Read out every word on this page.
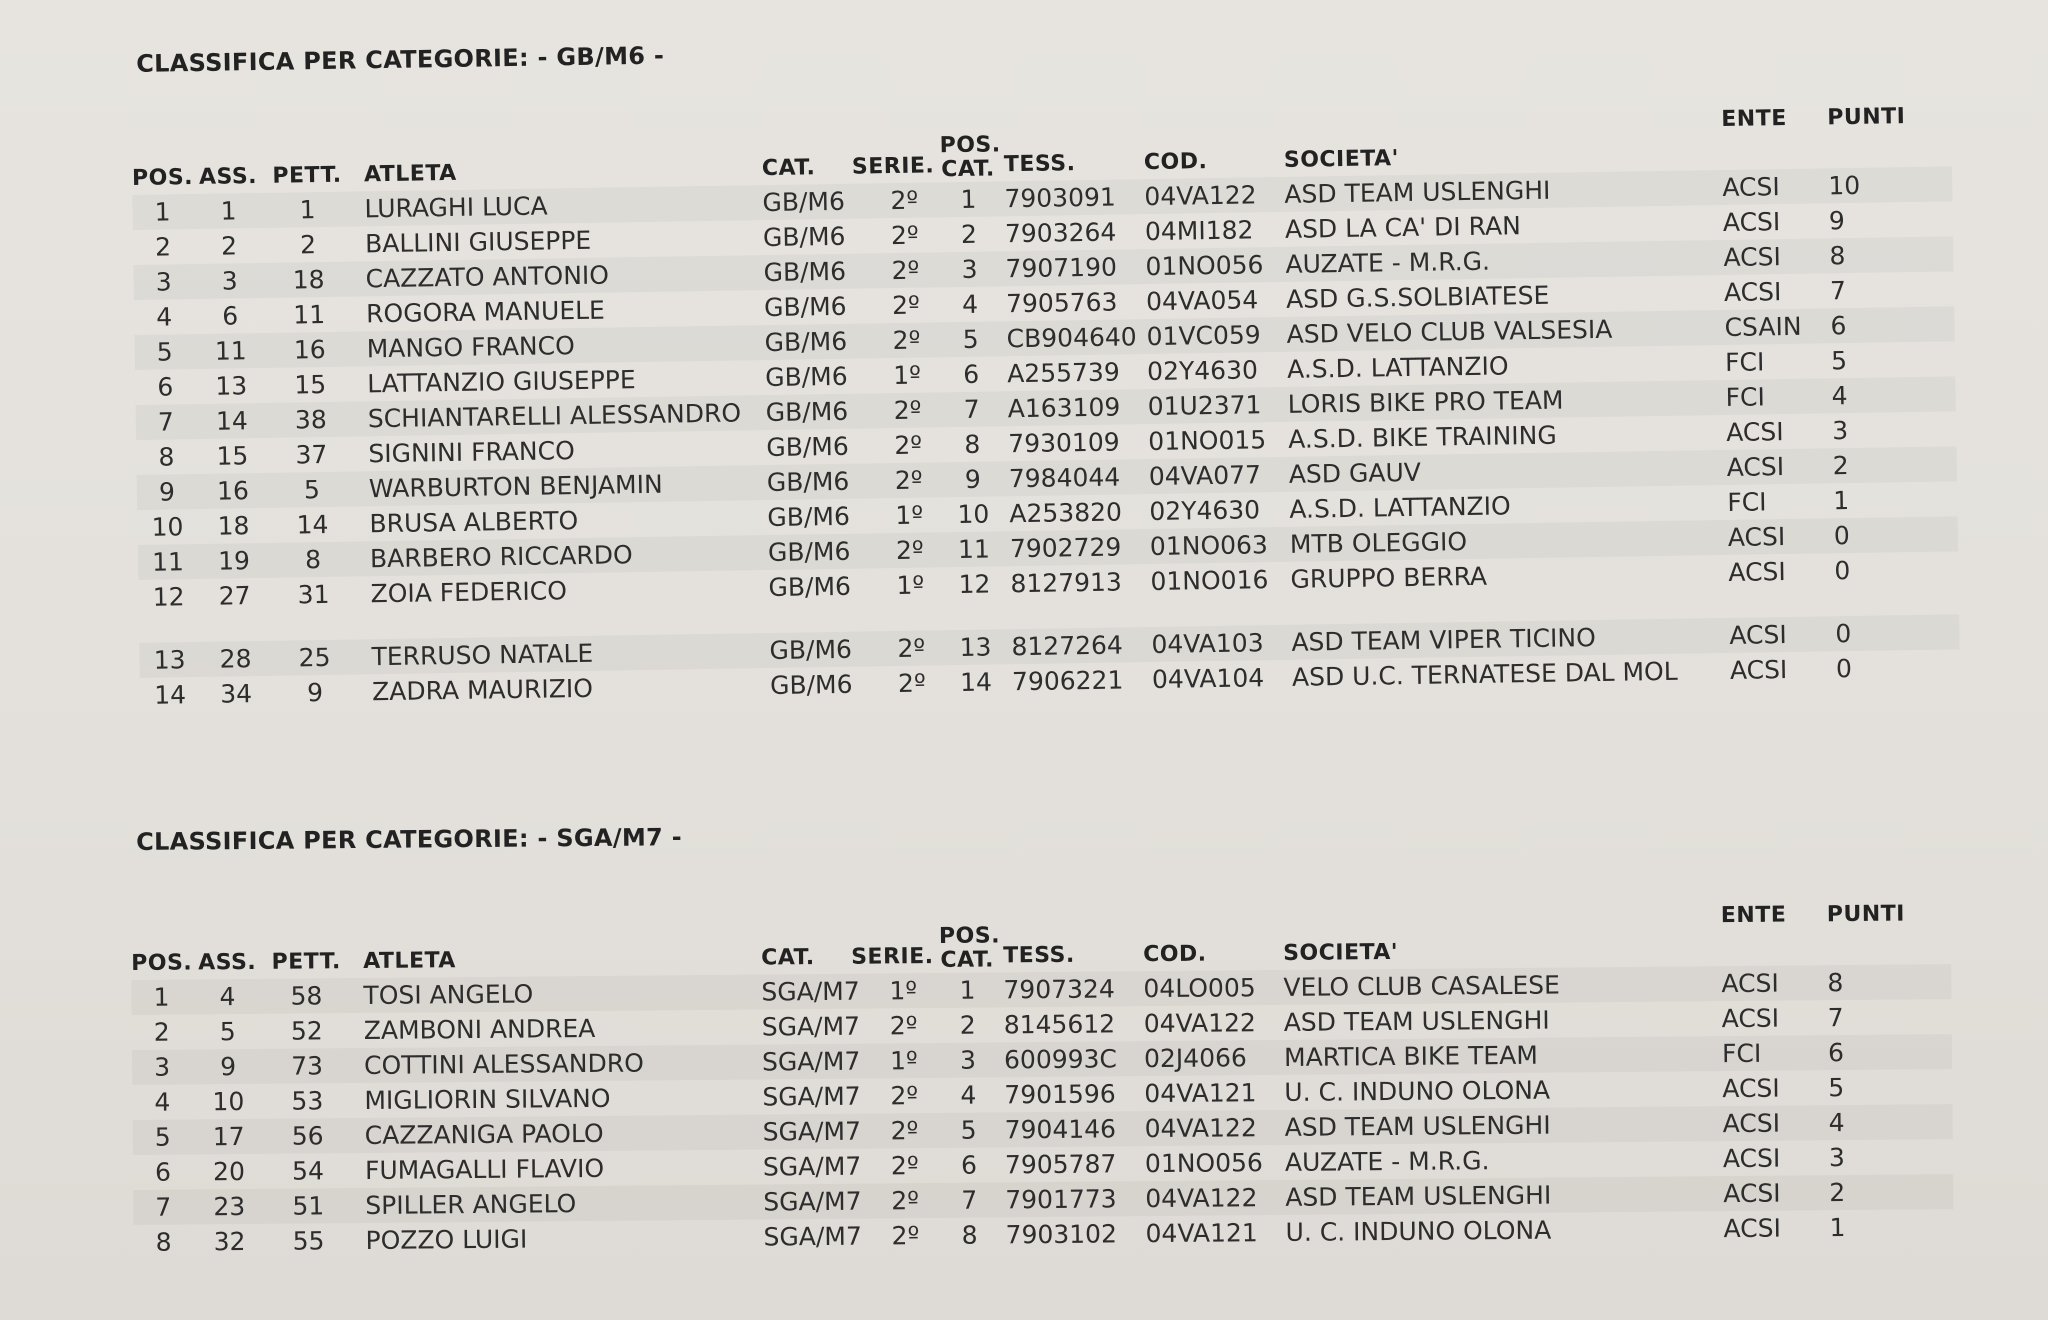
CLASSIFICA PER CATEGORIE: - GB/M6 -
POS. ASS. PETT. ATLETA	CAT. SERIE.
POS.
CAT. TESS.	COD.	SOCIETA'
ENTE PUNTI
1	1	1	LURAGHI LUCA	GB/M6	2º	1	7903091 04VA122 ASD TEAM USLENGHI	ACSI 10
2	2	2	BALLINI GIUSEPPE	GB/M6	2º	2	7903264 04MI182 ASD LA CA' DI RAN	ACSI 9
3	3	18	CAZZATO ANTONIO	GB/M6	2º	3	7907190 01NO056 AUZATE - M.R.G.	ACSI 8
4	6	11	ROGORA MANUELE	GB/M6	2º	4	7905763 04VA054 ASD G.S.SOLBIATESE	ACSI 7
5	11	16	MANGO FRANCO	GB/M6	2º	5	CB904640 01VC059 ASD VELO CLUB VALSESIA	CSAIN 6
6	13	15	LATTANZIO GIUSEPPE	GB/M6	1º	6	A255739 02Y4630 A.S.D. LATTANZIO	FCI	5
7	14	38	SCHIANTARELLI ALESSANDRO GB/M6	2º	7	A163109 01U2371 LORIS BIKE PRO TEAM	FCI	4
8	15	37	SIGNINI FRANCO	GB/M6	2º	8	7930109 01NO015 A.S.D. BIKE TRAINING	ACSI 3
9	16	5	WARBURTON BENJAMIN	GB/M6	2º	9	7984044 04VA077 ASD GAUV	ACSI 2
10	18	14	BRUSA ALBERTO	GB/M6	1º	10 A253820 02Y4630 A.S.D. LATTANZIO	FCI	1
11	19	8	BARBERO RICCARDO	GB/M6	2º	11 7902729 01NO063 MTB OLEGGIO	ACSI 0
12	27	31	ZOIA FEDERICO	GB/M6	1º	12 8127913 01NO016 GRUPPO BERRA	ACSI 0
13	28	25	TERRUSO NATALE	GB/M6	2º	13 8127264 04VA103 ASD TEAM VIPER TICINO	ACSI 0
14	34	9	ZADRA MAURIZIO	GB/M6	2º	14 7906221 04VA104 ASD U.C. TERNATESE DAL MOL ACSI 0
CLASSIFICA PER CATEGORIE: - SGA/M7 -
POS. ASS. PETT. ATLETA	CAT. SERIE.
POS.
CAT. TESS.	COD.	SOCIETA'
ENTE PUNTI
1	4	58	TOSI ANGELO	SGA/M7	1º	1	7907324 04LO005 VELO CLUB CASALESE	ACSI 8
2	5	52	ZAMBONI ANDREA	SGA/M7	2º	2	8145612 04VA122 ASD TEAM USLENGHI	ACSI 7
3	9	73	COTTINI ALESSANDRO	SGA/M7	1º	3	600993C 02J4066 MARTICA BIKE TEAM	FCI	6
4	10	53	MIGLIORIN SILVANO	SGA/M7	2º	4	7901596 04VA121 U. C. INDUNO OLONA	ACSI 5
5	17	56	CAZZANIGA PAOLO	SGA/M7	2º	5	7904146 04VA122 ASD TEAM USLENGHI	ACSI 4
6	20	54	FUMAGALLI FLAVIO	SGA/M7	2º	6	7905787 01NO056 AUZATE - M.R.G.	ACSI 3
7	23	51	SPILLER ANGELO	SGA/M7	2º	7	7901773 04VA122 ASD TEAM USLENGHI	ACSI 2
8	32	55	POZZO LUIGI	SGA/M7	2º	8	7903102 04VA121 U. C. INDUNO OLONA	ACSI 1
